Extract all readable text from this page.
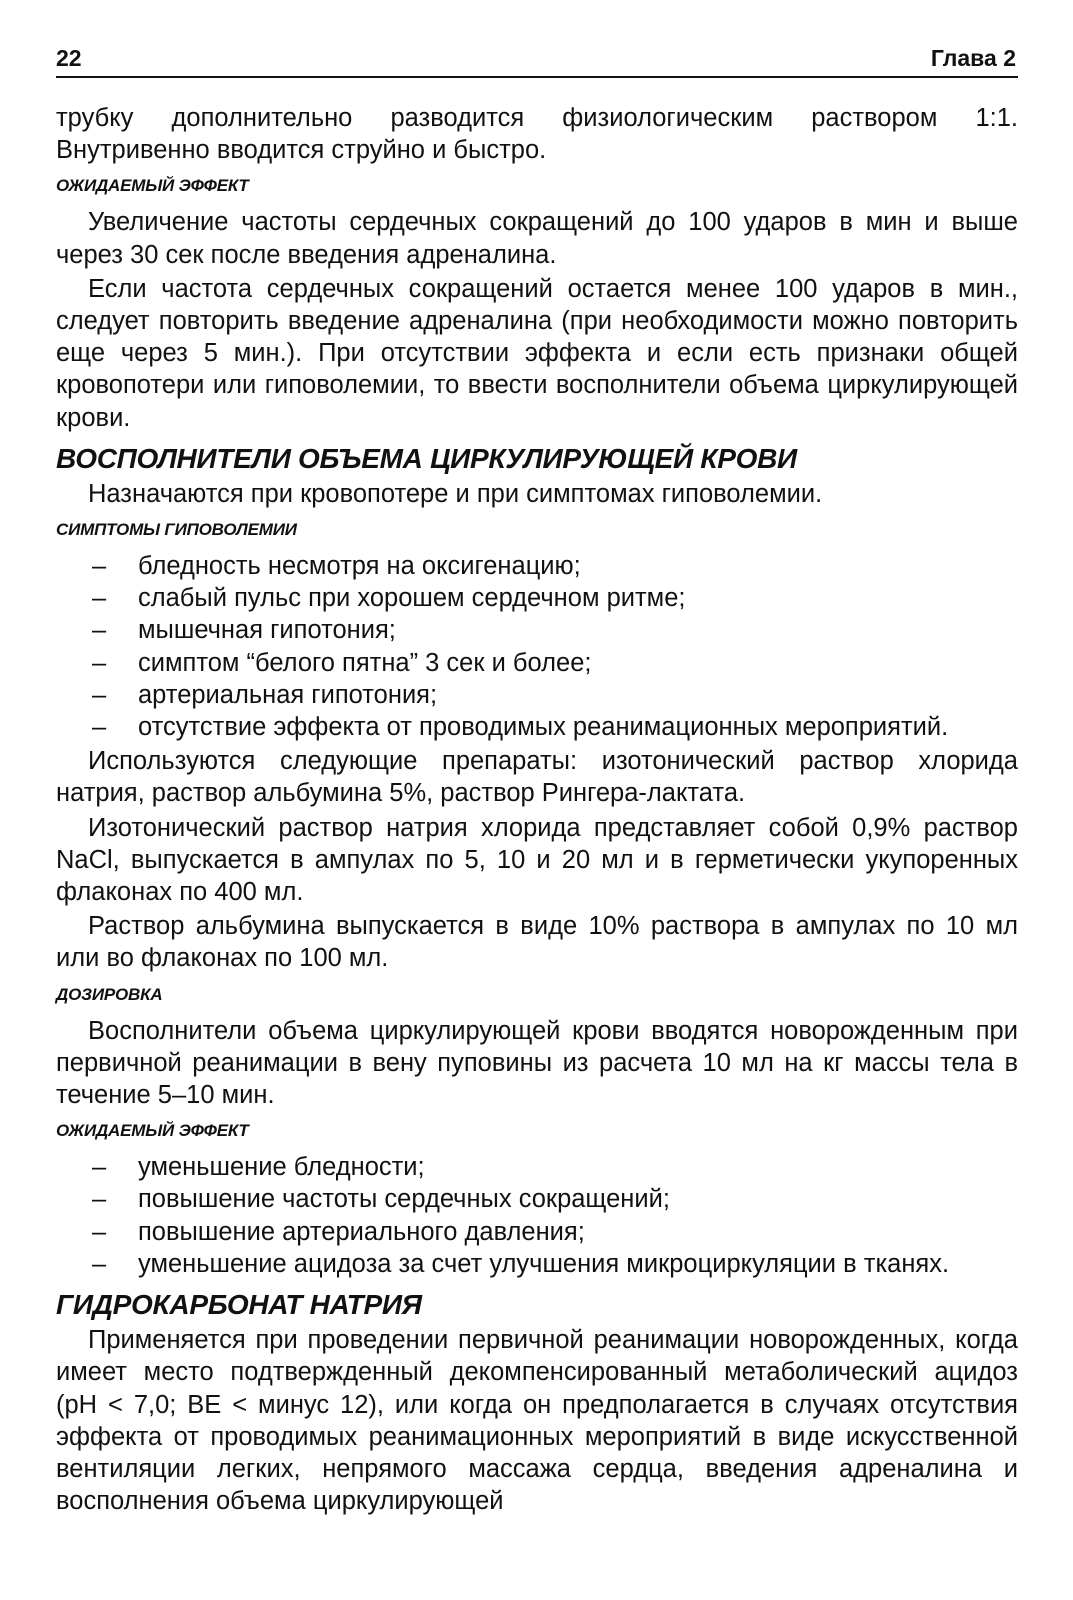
22	Глава 2

трубку дополнительно разводится физиологическим раствором 1:1. Внутривенно вводится струйно и быстро.

ОЖИДАЕМЫЙ ЭФФЕКТ

Увеличение частоты сердечных сокращений до 100 ударов в мин и выше через 30 сек после введения адреналина.

Если частота сердечных сокращений остается менее 100 ударов в мин., следует повторить введение адреналина (при необходимости можно повторить еще через 5 мин.). При отсутствии эффекта и если есть признаки общей кровопотери или гиповолемии, то ввести восполнители объема циркулирующей крови.

ВОСПОЛНИТЕЛИ ОБЪЕМА ЦИРКУЛИРУЮЩЕЙ КРОВИ

Назначаются при кровопотере и при симптомах гиповолемии.

СИМПТОМЫ ГИПОВОЛЕМИИ
–	бледность несмотря на оксигенацию;
–	слабый пульс при хорошем сердечном ритме;
–	мышечная гипотония;
–	симптом “белого пятна” 3 сек и более;
–	артериальная гипотония;
–	отсутствие эффекта от проводимых реанимационных мероприятий.

Используются следующие препараты: изотонический раствор хлорида натрия, раствор альбумина 5%, раствор Рингера-лактата.

Изотонический раствор натрия хлорида представляет собой 0,9% раствор NaCl, выпускается в ампулах по 5, 10 и 20 мл и в герметически укупоренных флаконах по 400 мл.

Раствор альбумина выпускается в виде 10% раствора в ампулах по 10 мл или во флаконах по 100 мл.

ДОЗИРОВКА

Восполнители объема циркулирующей крови вводятся новорожденным при первичной реанимации в вену пуповины из расчета 10 мл на кг массы тела в течение 5–10 мин.

ОЖИДАЕМЫЙ ЭФФЕКТ
–	уменьшение бледности;
–	повышение частоты сердечных сокращений;
–	повышение артериального давления;
–	уменьшение ацидоза за счет улучшения микроциркуляции в тканях.
ГИДРОКАРБОНАТ НАТРИЯ

Применяется при проведении первичной реанимации новорожденных, когда имеет место подтвержденный декомпенсированный метаболический ацидоз (рН < 7,0; BE < минус 12), или когда он предполагается в случаях отсутствия эффекта от проводимых реанимационных мероприятий в виде искусственной вентиляции легких, непрямого массажа сердца, введения адреналина и восполнения объема циркулирующей
